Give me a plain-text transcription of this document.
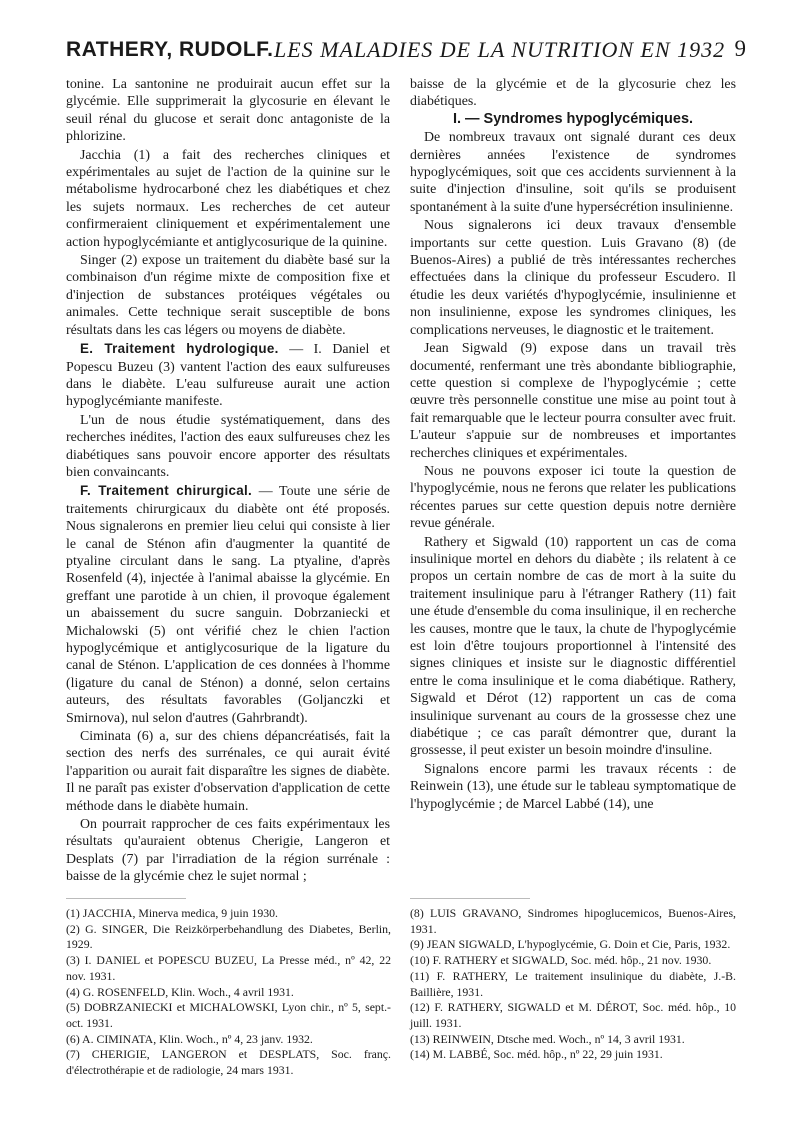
RATHERY, RUDOLF. LES MALADIES DE LA NUTRITION EN 1932 9

tonine. La santonine ne produirait aucun effet sur la glycémie. Elle supprimerait la glycosurie en élevant le seuil rénal du glucose et serait donc antagoniste de la phlorizine.

Jacchia (1) a fait des recherches cliniques et expérimentales au sujet de l'action de la quinine sur le métabolisme hydrocarboné chez les diabétiques et chez les sujets normaux. Les recherches de cet auteur confirmeraient cliniquement et expérimentalement une action hypoglycémiante et antiglycosurique de la quinine.

Singer (2) expose un traitement du diabète basé sur la combinaison d'un régime mixte de composition fixe et d'injection de substances protéiques végétales ou animales. Cette technique serait susceptible de bons résultats dans les cas légers ou moyens de diabète.

E. Traitement hydrologique. — I. Daniel et Popescu Buzeu (3) vantent l'action des eaux sulfureuses dans le diabète. L'eau sulfureuse aurait une action hypoglycémiante manifeste.

L'un de nous étudie systématiquement, dans des recherches inédites, l'action des eaux sulfureuses chez les diabétiques sans pouvoir encore apporter des résultats bien convaincants.

F. Traitement chirurgical. — Toute une série de traitements chirurgicaux du diabète ont été proposés. Nous signalerons en premier lieu celui qui consiste à lier le canal de Sténon afin d'augmenter la quantité de ptyaline circulant dans le sang. La ptyaline, d'après Rosenfeld (4), injectée à l'animal abaisse la glycémie. En greffant une parotide à un chien, il provoque également un abaissement du sucre sanguin. Dobrzaniecki et Michalowski (5) ont vérifié chez le chien l'action hypoglycémique et antiglycosurique de la ligature du canal de Sténon. L'application de ces données à l'homme (ligature du canal de Sténon) a donné, selon certains auteurs, des résultats favorables (Goljanczki et Smirnova), nul selon d'autres (Gahrbrandt).

Ciminata (6) a, sur des chiens dépancréatisés, fait la section des nerfs des surrénales, ce qui aurait évité l'apparition ou aurait fait disparaître les signes de diabète. Il ne paraît pas exister d'observation d'application de cette méthode dans le diabète humain.

On pourrait rapprocher de ces faits expérimentaux les résultats qu'auraient obtenus Cherigie, Langeron et Desplats (7) par l'irradiation de la région surrénale : baisse de la glycémie chez le sujet normal ;

baisse de la glycémie et de la glycosurie chez les diabétiques.

I. — Syndromes hypoglycémiques.

De nombreux travaux ont signalé durant ces deux dernières années l'existence de syndromes hypoglycémiques, soit que ces accidents surviennent à la suite d'injection d'insuline, soit qu'ils se produisent spontanément à la suite d'une hypersécrétion insulinienne.

Nous signalerons ici deux travaux d'ensemble importants sur cette question. Luis Gravano (8) (de Buenos-Aires) a publié de très intéressantes recherches effectuées dans la clinique du professeur Escudero. Il étudie les deux variétés d'hypoglycémie, insulinienne et non insulinienne, expose les syndromes cliniques, les complications nerveuses, le diagnostic et le traitement.

Jean Sigwald (9) expose dans un travail très documenté, renfermant une très abondante bibliographie, cette question si complexe de l'hypoglycémie ; cette œuvre très personnelle constitue une mise au point tout à fait remarquable que le lecteur pourra consulter avec fruit. L'auteur s'appuie sur de nombreuses et importantes recherches cliniques et expérimentales.

Nous ne pouvons exposer ici toute la question de l'hypoglycémie, nous ne ferons que relater les publications récentes parues sur cette question depuis notre dernière revue générale.

Rathery et Sigwald (10) rapportent un cas de coma insulinique mortel en dehors du diabète ; ils relatent à ce propos un certain nombre de cas de mort à la suite du traitement insulinique paru à l'étranger Rathery (11) fait une étude d'ensemble du coma insulinique, il en recherche les causes, montre que le taux, la chute de l'hypoglycémie est loin d'être toujours proportionnel à l'intensité des signes cliniques et insiste sur le diagnostic différentiel entre le coma insulinique et le coma diabétique. Rathery, Sigwald et Dérot (12) rapportent un cas de coma insulinique survenant au cours de la grossesse chez une diabétique ; ce cas paraît démontrer que, durant la grossesse, il peut exister un besoin moindre d'insuline.

Signalons encore parmi les travaux récents : de Reinwein (13), une étude sur le tableau symptomatique de l'hypoglycémie ; de Marcel Labbé (14), une

(1) JACCHIA, Minerva medica, 9 juin 1930.

(2) G. SINGER, Die Reizkörperbehandlung des Diabetes, Berlin, 1929.

(3) I. DANIEL et POPESCU BUZEU, La Presse méd., nº 42, 22 nov. 1931.

(4) G. ROSENFELD, Klin. Woch., 4 avril 1931.

(5) DOBRZANIECKI et MICHALOWSKI, Lyon chir., nº 5, sept.-oct. 1931.

(6) A. CIMINATA, Klin. Woch., nº 4, 23 janv. 1932.

(7) CHERIGIE, LANGERON et DESPLATS, Soc. franç. d'électrothérapie et de radiologie, 24 mars 1931.

(8) LUIS GRAVANO, Sindromes hipoglucemicos, Buenos-Aires, 1931.

(9) JEAN SIGWALD, L'hypoglycémie, G. Doin et Cie, Paris, 1932.

(10) F. RATHERY et SIGWALD, Soc. méd. hôp., 21 nov. 1930.

(11) F. RATHERY, Le traitement insulinique du diabète, J.-B. Baillière, 1931.

(12) F. RATHERY, SIGWALD et M. DÉROT, Soc. méd. hôp., 10 juill. 1931.

(13) REINWEIN, Dtsche med. Woch., nº 14, 3 avril 1931.

(14) M. LABBÉ, Soc. méd. hôp., nº 22, 29 juin 1931.
